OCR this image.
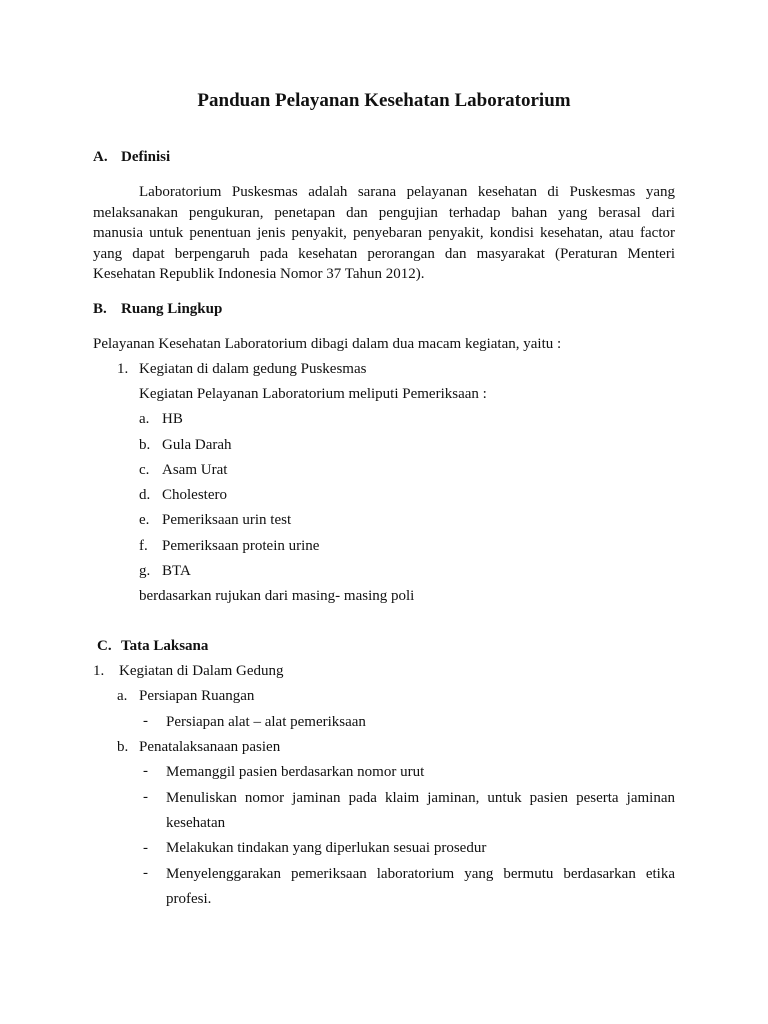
Panduan Pelayanan Kesehatan Laboratorium
A. Definisi
Laboratorium Puskesmas adalah sarana pelayanan kesehatan di Puskesmas yang
melaksanakan pengukuran, penetapan dan pengujian terhadap bahan yang berasal dari
manusia untuk penentuan jenis penyakit, penyebaran penyakit, kondisi kesehatan, atau factor
yang dapat berpengaruh pada kesehatan perorangan dan masyarakat (Peraturan Menteri
Kesehatan Republik Indonesia Nomor 37 Tahun 2012).
B. Ruang Lingkup
Pelayanan Kesehatan Laboratorium dibagi dalam dua macam kegiatan, yaitu :
1. Kegiatan di dalam gedung Puskesmas
Kegiatan Pelayanan Laboratorium meliputi Pemeriksaan :
a. HB
b. Gula Darah
c. Asam Urat
d. Cholestero
e. Pemeriksaan urin test
f. Pemeriksaan protein urine
g. BTA
berdasarkan rujukan dari masing- masing poli
C. Tata Laksana
1. Kegiatan di Dalam Gedung
a. Persiapan Ruangan
- Persiapan alat – alat pemeriksaan
b. Penatalaksanaan pasien
- Memanggil pasien berdasarkan nomor urut
- Menuliskan nomor jaminan pada klaim jaminan, untuk pasien peserta jaminan
kesehatan
- Melakukan tindakan yang diperlukan sesuai prosedur
- Menyelenggarakan pemeriksaan laboratorium yang bermutu berdasarkan etika
profesi.
